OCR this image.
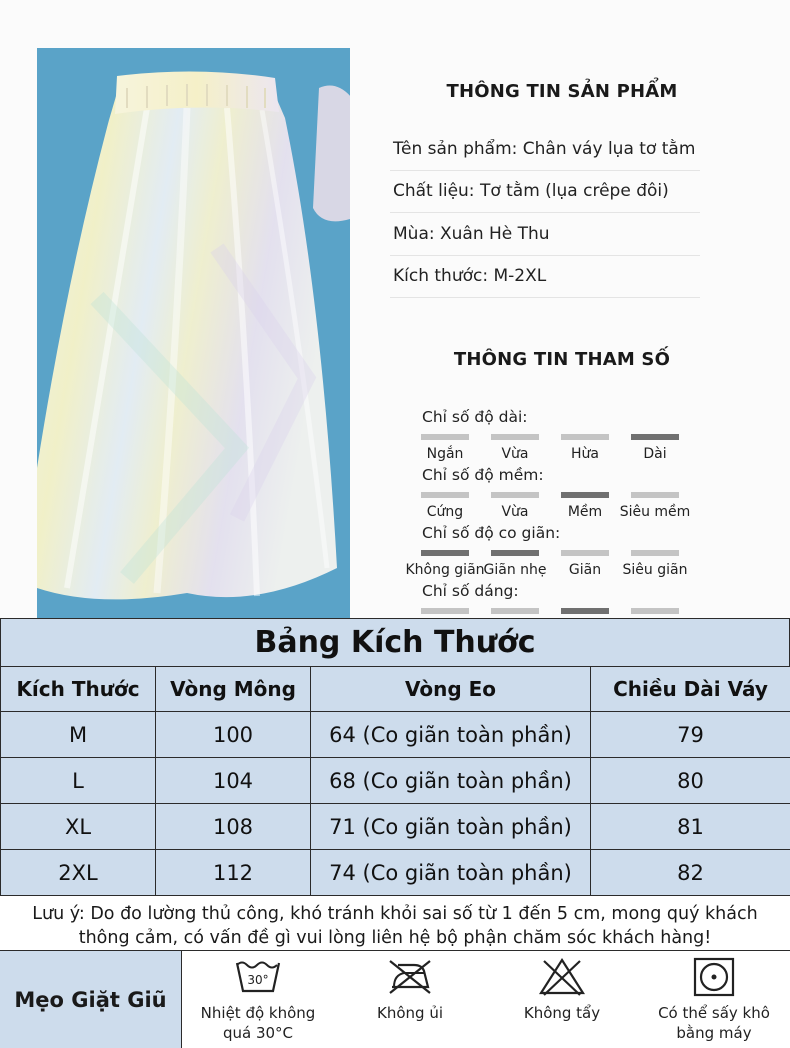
THÔNG TIN SẢN PHẨM
Tên sản phẩm: Chân váy lụa tơ tằm
Chất liệu: Tơ tằm (lụa crêpe đôi)
Mùa: Xuân Hè Thu
Kích thước: M-2XL
THÔNG TIN THAM SỐ
Chỉ số độ dài:
Ngắn	Vừa	Hừa	Dài
Chỉ số độ mềm:
Cứng	Vừa	Mềm Siêu mềm
Chỉ số độ co giãn:
Không giãn
Giãn nhẹ Giãn Siêu giãn
Chỉ số dáng:
Bảng Kích Thước
Kích Thước	Vòng Mông	Vòng Eo	Chiều Dài Váy
M	100	64 (Co giãn toàn phần)	79
L	104	68 (Co giãn toàn phần)	80
XL	108	71 (Co giãn toàn phần)	81
2XL	112	74 (Co giãn toàn phần)	82
Lưu ý: Do đo lường thủ công, khó tránh khỏi sai số từ 1 đến 5 cm, mong quý khách
thông cảm, có vấn đề gì vui lòng liên hệ bộ phận chăm sóc khách hàng!
Mẹo Giặt Giũ
30°
Nhiệt độ không
quá 30°C
Không ủi	Không tẩy	Có thể sấy khô
bằng máy
